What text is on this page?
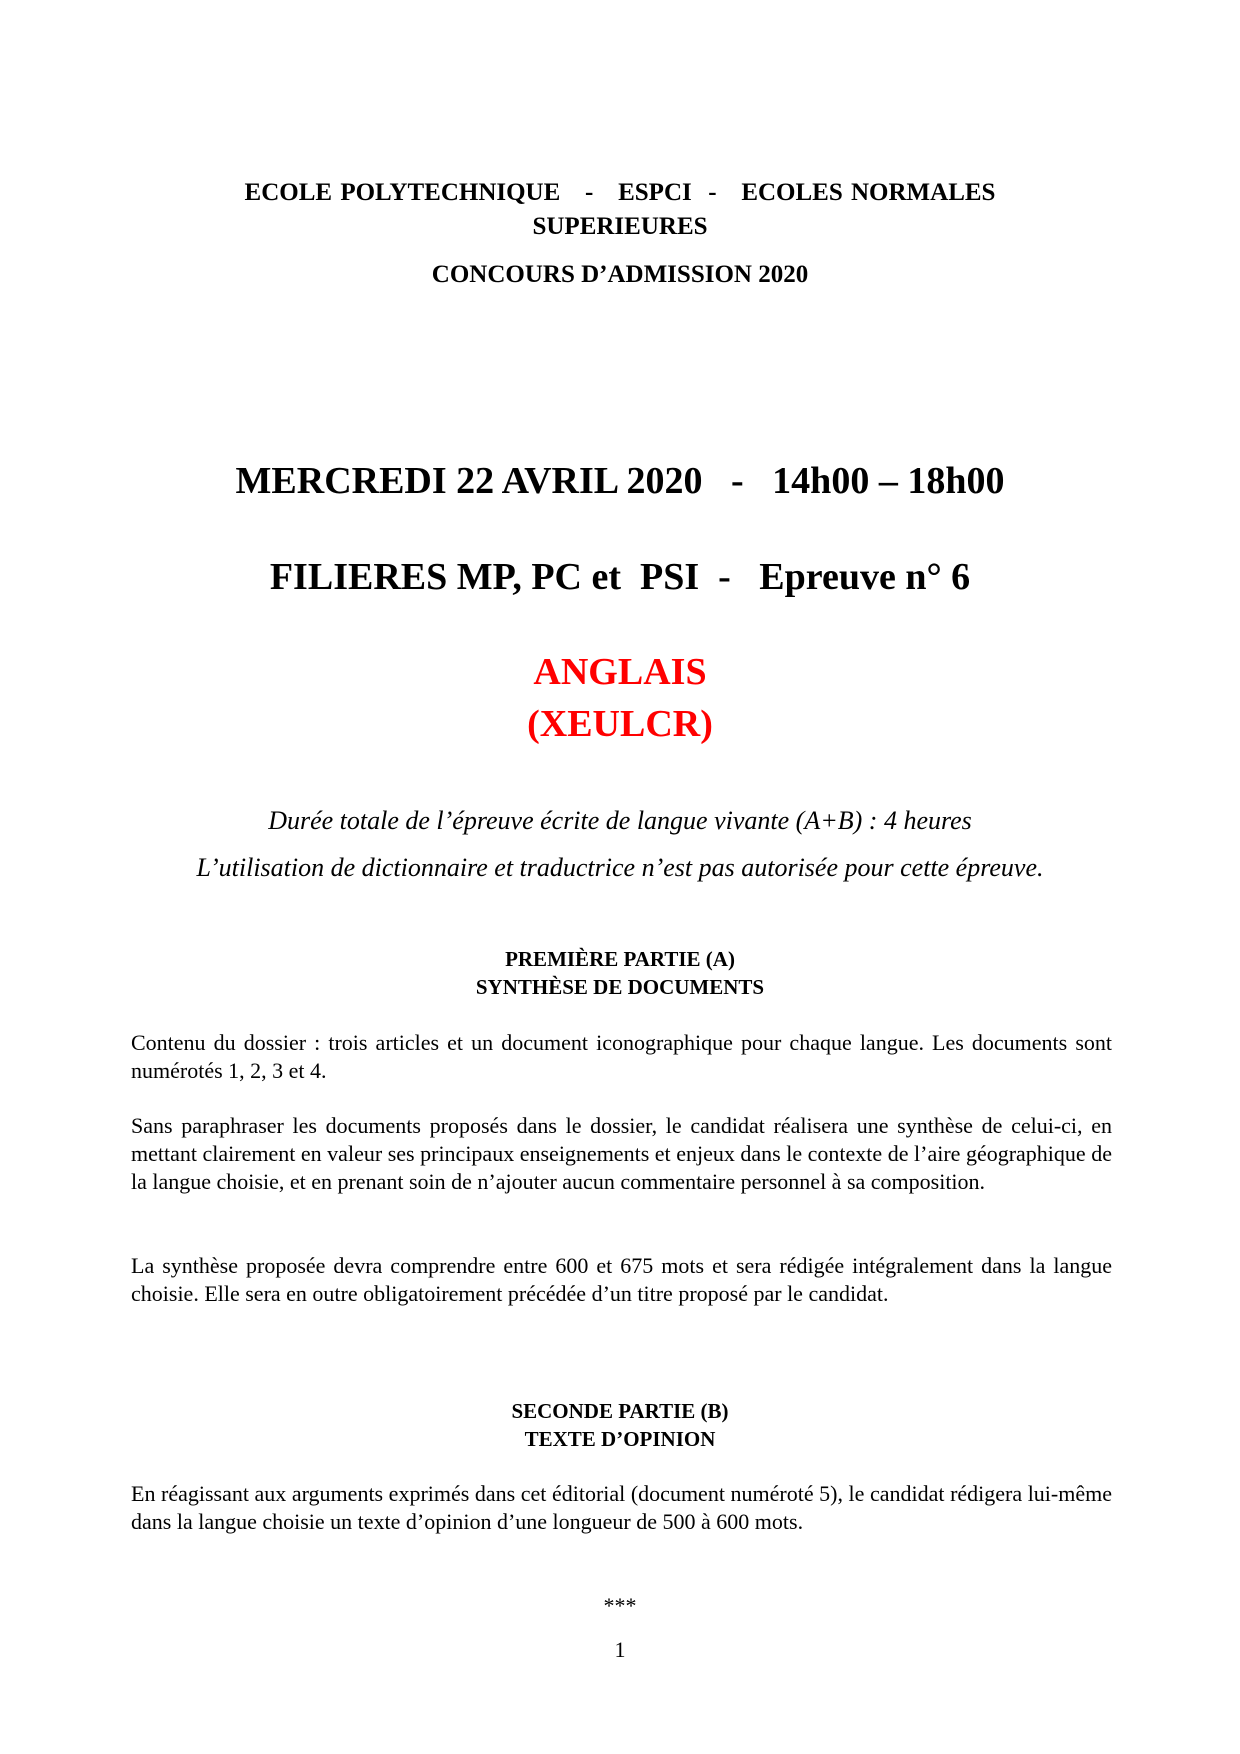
ECOLE POLYTECHNIQUE   -   ESPCI  -   ECOLES NORMALES
SUPERIEURES
CONCOURS D’ADMISSION 2020
MERCREDI 22 AVRIL 2020   -   14h00 – 18h00
FILIERES MP, PC et  PSI  -   Epreuve n° 6
ANGLAIS
(XEULCR)
Durée totale de l’épreuve écrite de langue vivante (A+B) : 4 heures
L’utilisation de dictionnaire et traductrice n’est pas autorisée pour cette épreuve.
PREMIÈRE PARTIE (A)
SYNTHÈSE DE DOCUMENTS

Contenu du dossier : trois articles et un document iconographique pour chaque langue. Les documents sont numérotés 1, 2, 3 et 4.

Sans paraphraser les documents proposés dans le dossier, le candidat réalisera une synthèse de celui-ci, en mettant clairement en valeur ses principaux enseignements et enjeux dans le contexte de l’aire géographique de la langue choisie, et en prenant soin de n’ajouter aucun commentaire personnel à sa composition.

La synthèse proposée devra comprendre entre 600 et 675 mots et sera rédigée intégralement dans la langue choisie. Elle sera en outre obligatoirement précédée d’un titre proposé par le candidat.

SECONDE PARTIE (B)
TEXTE D’OPINION

En réagissant aux arguments exprimés dans cet éditorial (document numéroté 5), le candidat rédigera lui-même dans la langue choisie un texte d’opinion d’une longueur de 500 à 600 mots.

***
1
